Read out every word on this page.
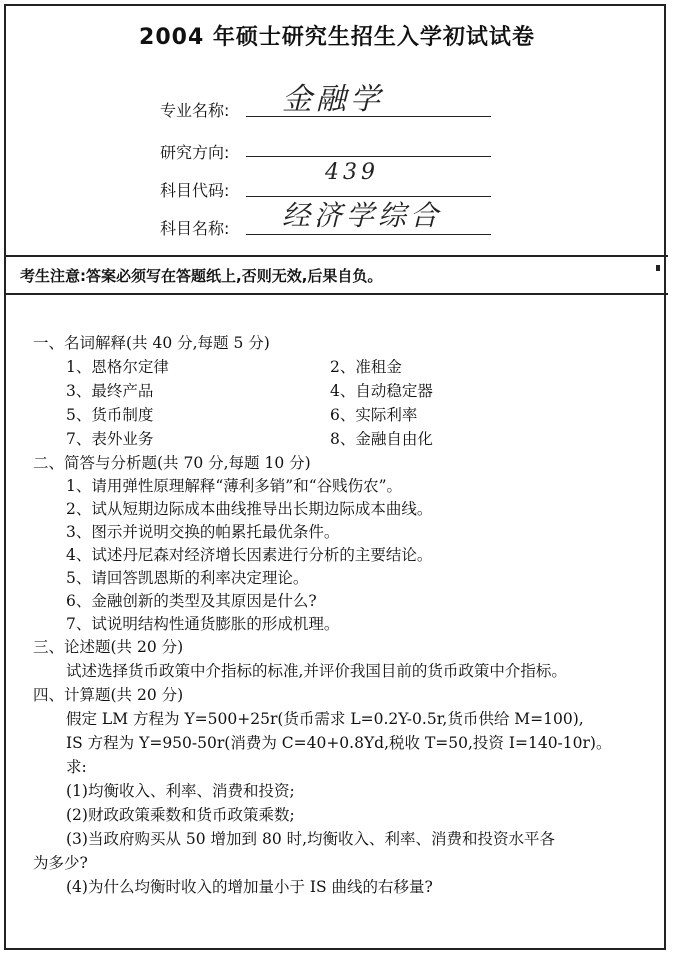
2004 年硕士研究生招生入学初试试卷
专业名称: 金融学
研究方向:
科目代码:
439
科目名称: 经济学综合
考生注意:答案必须写在答题纸上,否则无效,后果自负。
一、名词解释(共 40 分,每题 5 分)
1、恩格尔定律	2、准租金
3、最终产品	4、自动稳定器
5、货币制度	6、实际利率
7、表外业务	8、金融自由化
二、简答与分析题(共 70 分,每题 10 分)
1、请用弹性原理解释“薄利多销”和“谷贱伤农”。
2、试从短期边际成本曲线推导出长期边际成本曲线。
3、图示并说明交换的帕累托最优条件。
4、试述丹尼森对经济增长因素进行分析的主要结论。
5、请回答凯恩斯的利率决定理论。
6、金融创新的类型及其原因是什么?
7、试说明结构性通货膨胀的形成机理。
三、论述题(共 20 分)
试述选择货币政策中介指标的标准,并评价我国目前的货币政策中介指标。
四、计算题(共 20 分)
假定 LM 方程为 Y=500+25r(货币需求 L=0.2Y-0.5r,货币供给 M=100),
IS 方程为 Y=950-50r(消费为 C=40+0.8Yd,税收 T=50,投资 I=140-10r)。
求:
(1)均衡收入、利率、消费和投资;
(2)财政政策乘数和货币政策乘数;
(3)当政府购买从 50 增加到 80 时,均衡收入、利率、消费和投资水平各
为多少?
(4)为什么均衡时收入的增加量小于 IS 曲线的右移量?
